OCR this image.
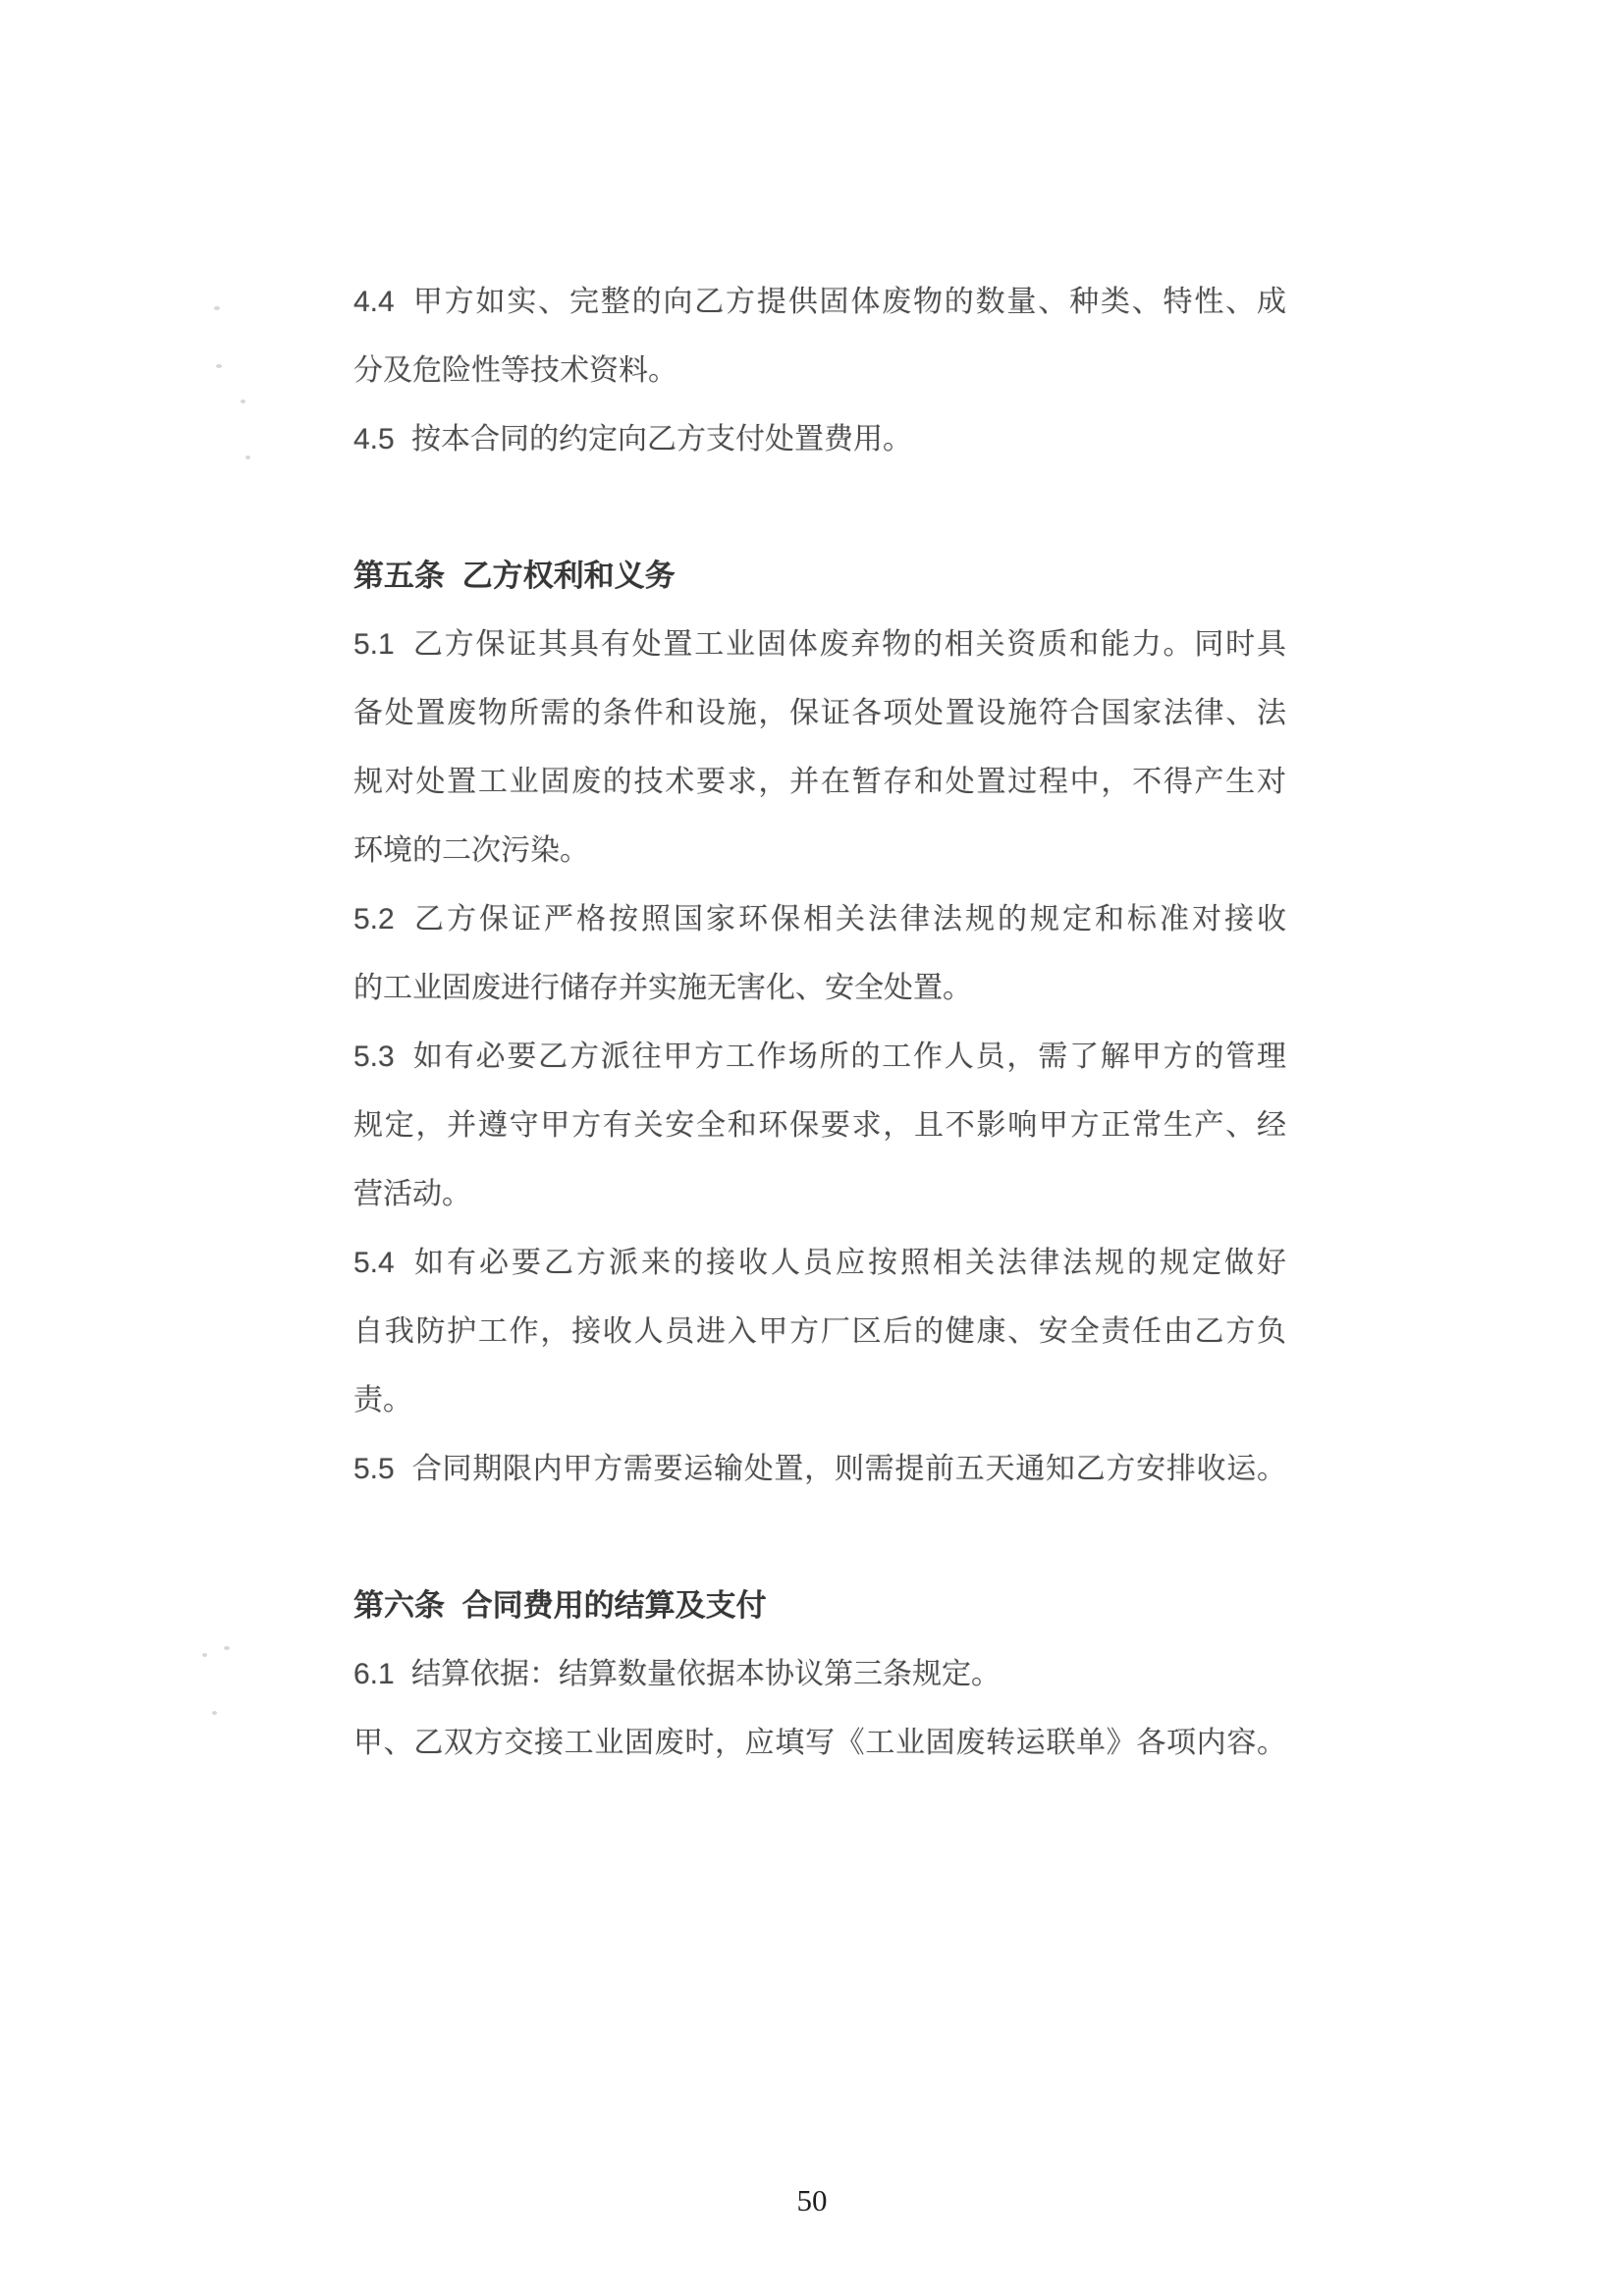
4.4 甲方如实、完整的向乙方提供固体废物的数量、种类、特性、成
分及危险性等技术资料。
4.5 按本合同的约定向乙方支付处置费用。
第五条 乙方权利和义务
5.1 乙方保证其具有处置工业固体废弃物的相关资质和能力。同时具
备处置废物所需的条件和设施，保证各项处置设施符合国家法律、法
规对处置工业固废的技术要求，并在暂存和处置过程中，不得产生对
环境的二次污染。
5.2 乙方保证严格按照国家环保相关法律法规的规定和标准对接收
的工业固废进行储存并实施无害化、安全处置。
5.3 如有必要乙方派往甲方工作场所的工作人员，需了解甲方的管理
规定，并遵守甲方有关安全和环保要求，且不影响甲方正常生产、经
营活动。
5.4 如有必要乙方派来的接收人员应按照相关法律法规的规定做好
自我防护工作，接收人员进入甲方厂区后的健康、安全责任由乙方负
责。
5.5 合同期限内甲方需要运输处置，则需提前五天通知乙方安排收运。
第六条 合同费用的结算及支付
6.1 结算依据：结算数量依据本协议第三条规定。
甲、乙双方交接工业固废时，应填写《工业固废转运联单》各项内容。
50
